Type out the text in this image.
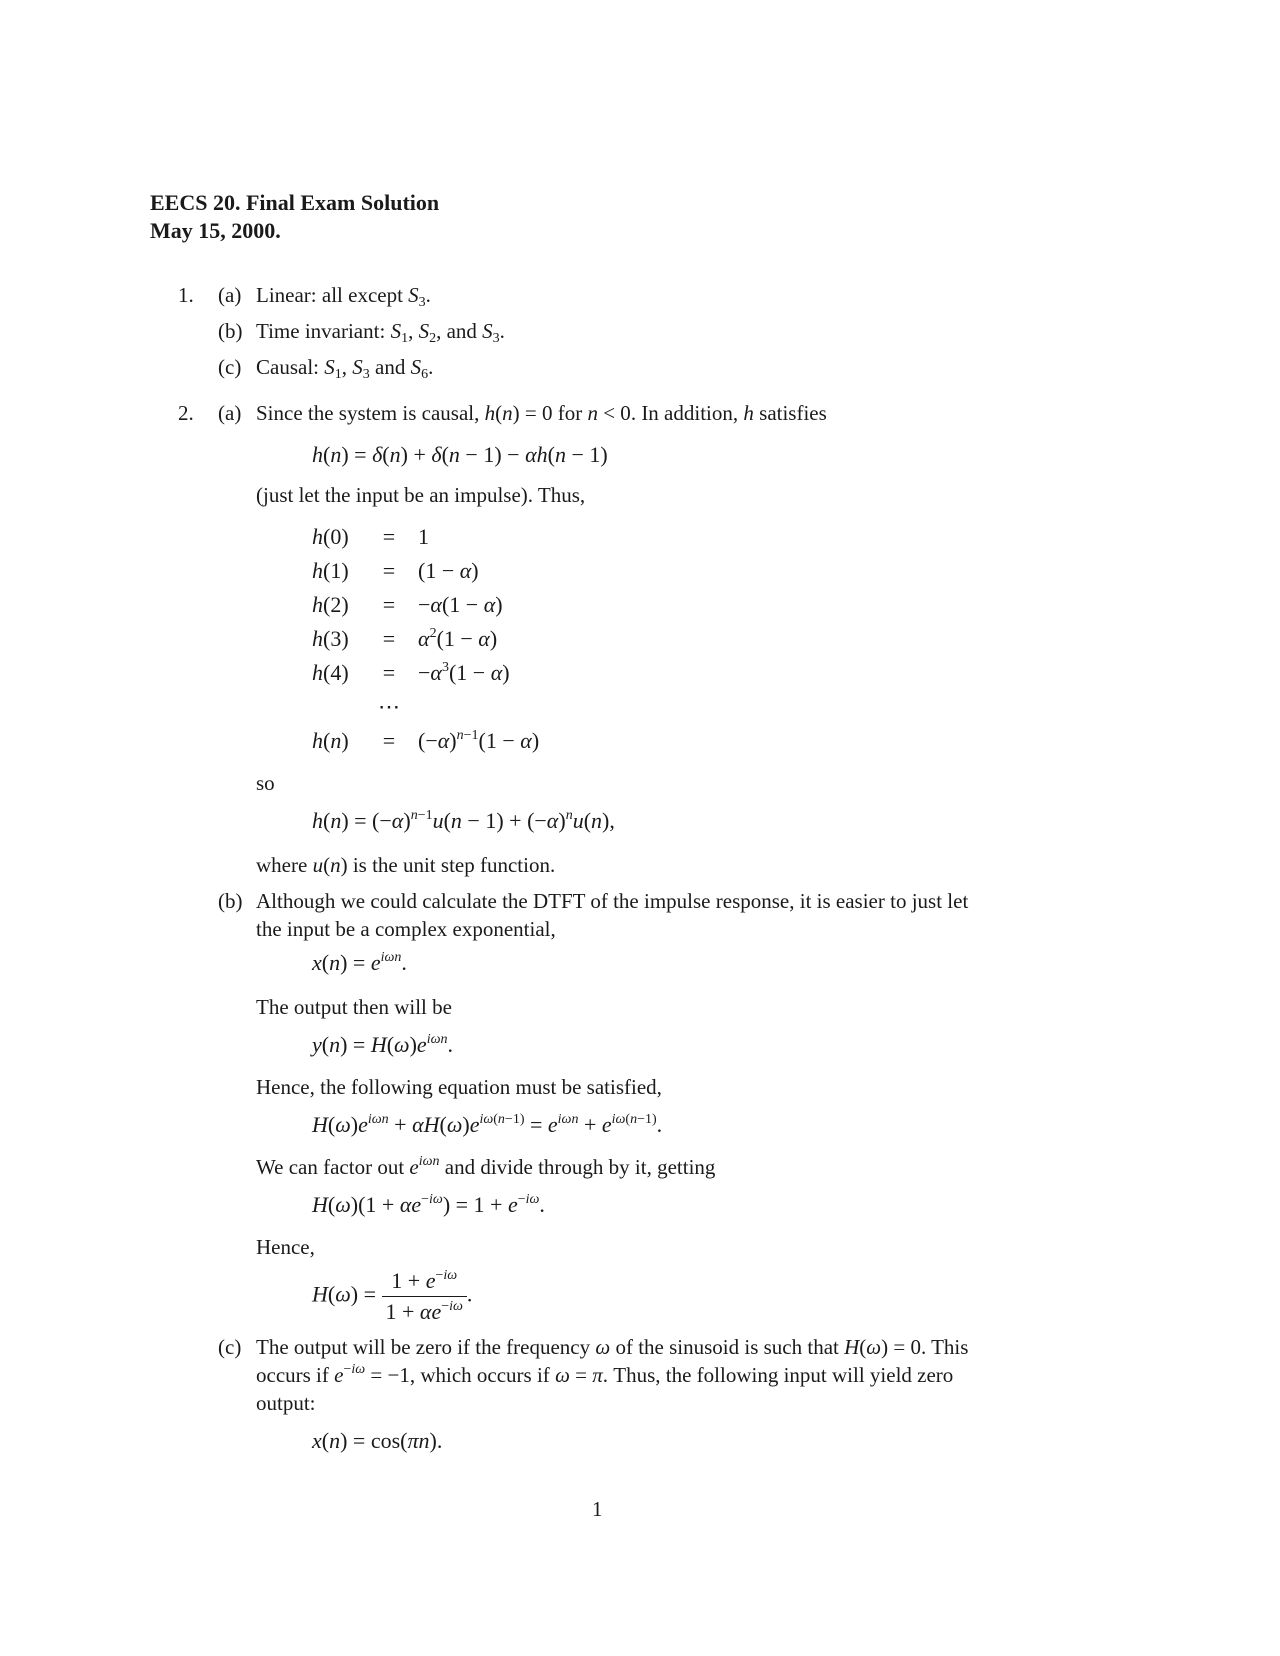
EECS 20. Final Exam Solution
May 15, 2000.
1. (a) Linear: all except $S_3$.
(b) Time invariant: $S_1$, $S_2$, and $S_3$.
(c) Causal: $S_1$, $S_3$ and $S_6$.
2. (a) Since the system is causal, h(n) = 0 for n < 0. In addition, h satisfies
h(n) = δ(n) + δ(n − 1) − αh(n − 1)
(just let the input be an impulse). Thus,
h(0)	=	1
h(1)	=	(1 − α)
h(2)	=	−α(1 − α)
h(3)	=	$\alpha^2(1 - \alpha)$
h(4)	=	$-\alpha^3(1 - \alpha)$
	⋯	
h(n)	=	$(-\alpha)^{n-1}(1 - \alpha)$
so
$h(n) = (-\alpha)^{n-1}u(n - 1) + (-\alpha)^nu(n)$,
where u(n) is the unit step function.
(b) Although we could calculate the DTFT of the impulse response, it is easier to just let
the input be a complex exponential,
$x(n) = e^{i\omega n}$.
The output then will be
$y(n) = H(\omega)e^{i\omega n}$.
Hence, the following equation must be satisfied,
$H(\omega)e^{i\omega n} + \alpha H(\omega)e^{i\omega(n-1)} = e^{i\omega n} + e^{i\omega(n-1)}$.
We can factor out $e^{i\omega n}$ and divide through by it, getting
$H(\omega)(1 + \alpha e^{-i\omega}) = 1 + e^{-i\omega}$.
Hence,
$H(\omega) = \frac{1 + e^{-i\omega}}{1 + \alpha e^{-i\omega}}$ .
(c) The output will be zero if the frequency ω of the sinusoid is such that H(ω) = 0. This
occurs if $e^{-i\omega} = -1$, which occurs if ω = π. Thus, the following input will yield zero
output:
x(n) = cos(πn).
1
